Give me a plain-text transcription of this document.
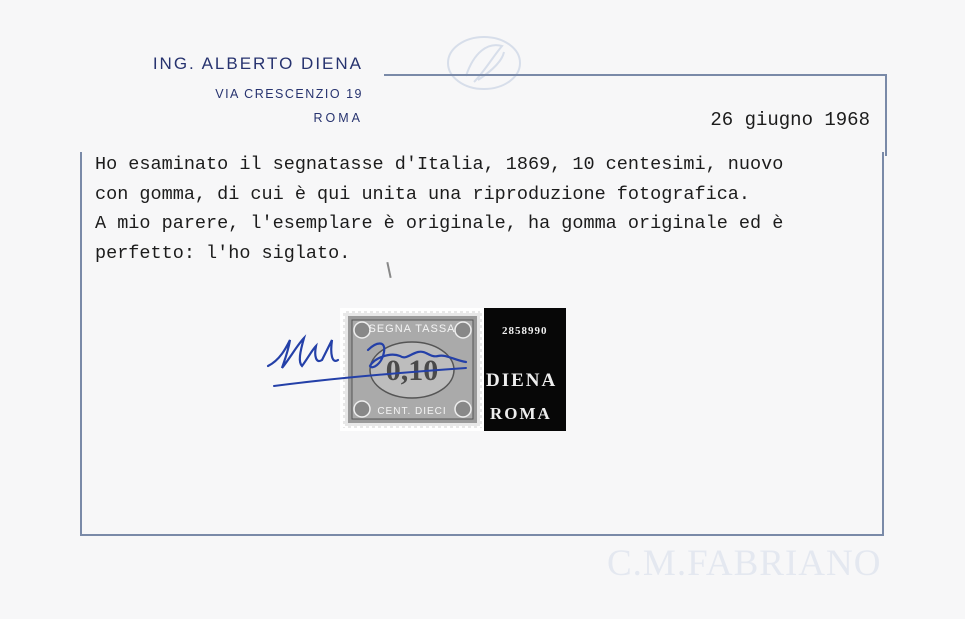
ING. ALBERTO DIENA
VIA CRESCENZIO 19
ROMA	26 giugno 1968
Ho esaminato il segnatasse d'Italia, 1869, 10 centesimi, nuovo
con gomma, di cui è qui unita una riproduzione fotografica.
A mio parere, l'esemplare è originale, ha gomma originale ed è
perfetto: l'ho siglato.
SEGNA TASSA
0,10
CENT. DIECI
2858990
DIENA
ROMA
C.M.FABRIANO
